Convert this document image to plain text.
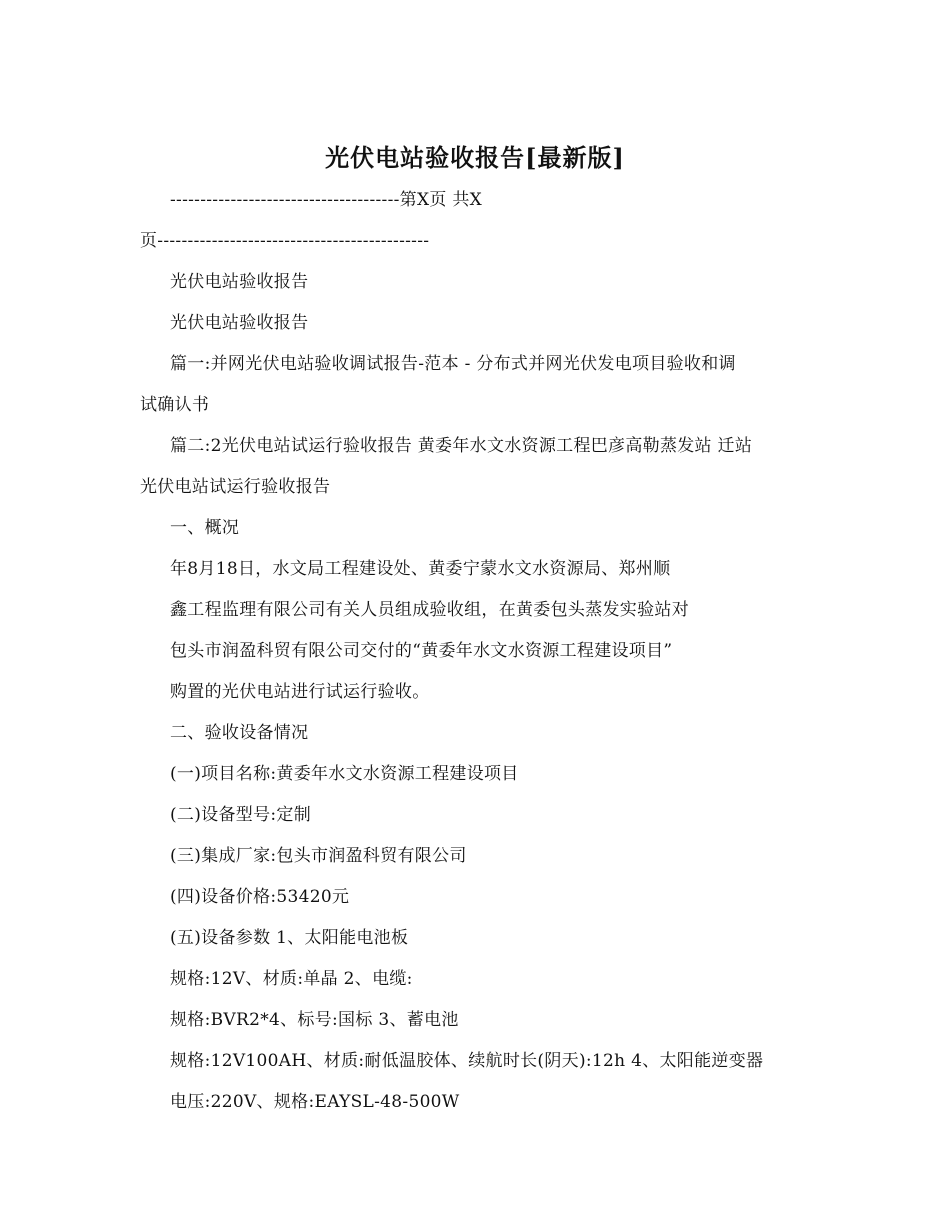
光伏电站验收报告[最新版]
--------------------------------------第X页 共X
页---------------------------------------------
光伏电站验收报告
光伏电站验收报告
篇一:并网光伏电站验收调试报告-范本 - 分布式并网光伏发电项目验收和调
试确认书
篇二:2光伏电站试运行验收报告 黄委年水文水资源工程巴彦高勒蒸发站 迁站
光伏电站试运行验收报告
一、概况
年8月18日，水文局工程建设处、黄委宁蒙水文水资源局、郑州顺
鑫工程监理有限公司有关人员组成验收组，在黄委包头蒸发实验站对
包头市润盈科贸有限公司交付的“黄委年水文水资源工程建设项目”
购置的光伏电站进行试运行验收。
二、验收设备情况
(一)项目名称:黄委年水文水资源工程建设项目
(二)设备型号:定制
(三)集成厂家:包头市润盈科贸有限公司
(四)设备价格:53420元
(五)设备参数 1、太阳能电池板
规格:12V、材质:单晶 2、电缆:
规格:BVR2*4、标号:国标 3、蓄电池
规格:12V100AH、材质:耐低温胶体、续航时长(阴天):12h 4、太阳能逆变器
电压:220V、规格:EAYSL-48-500W
